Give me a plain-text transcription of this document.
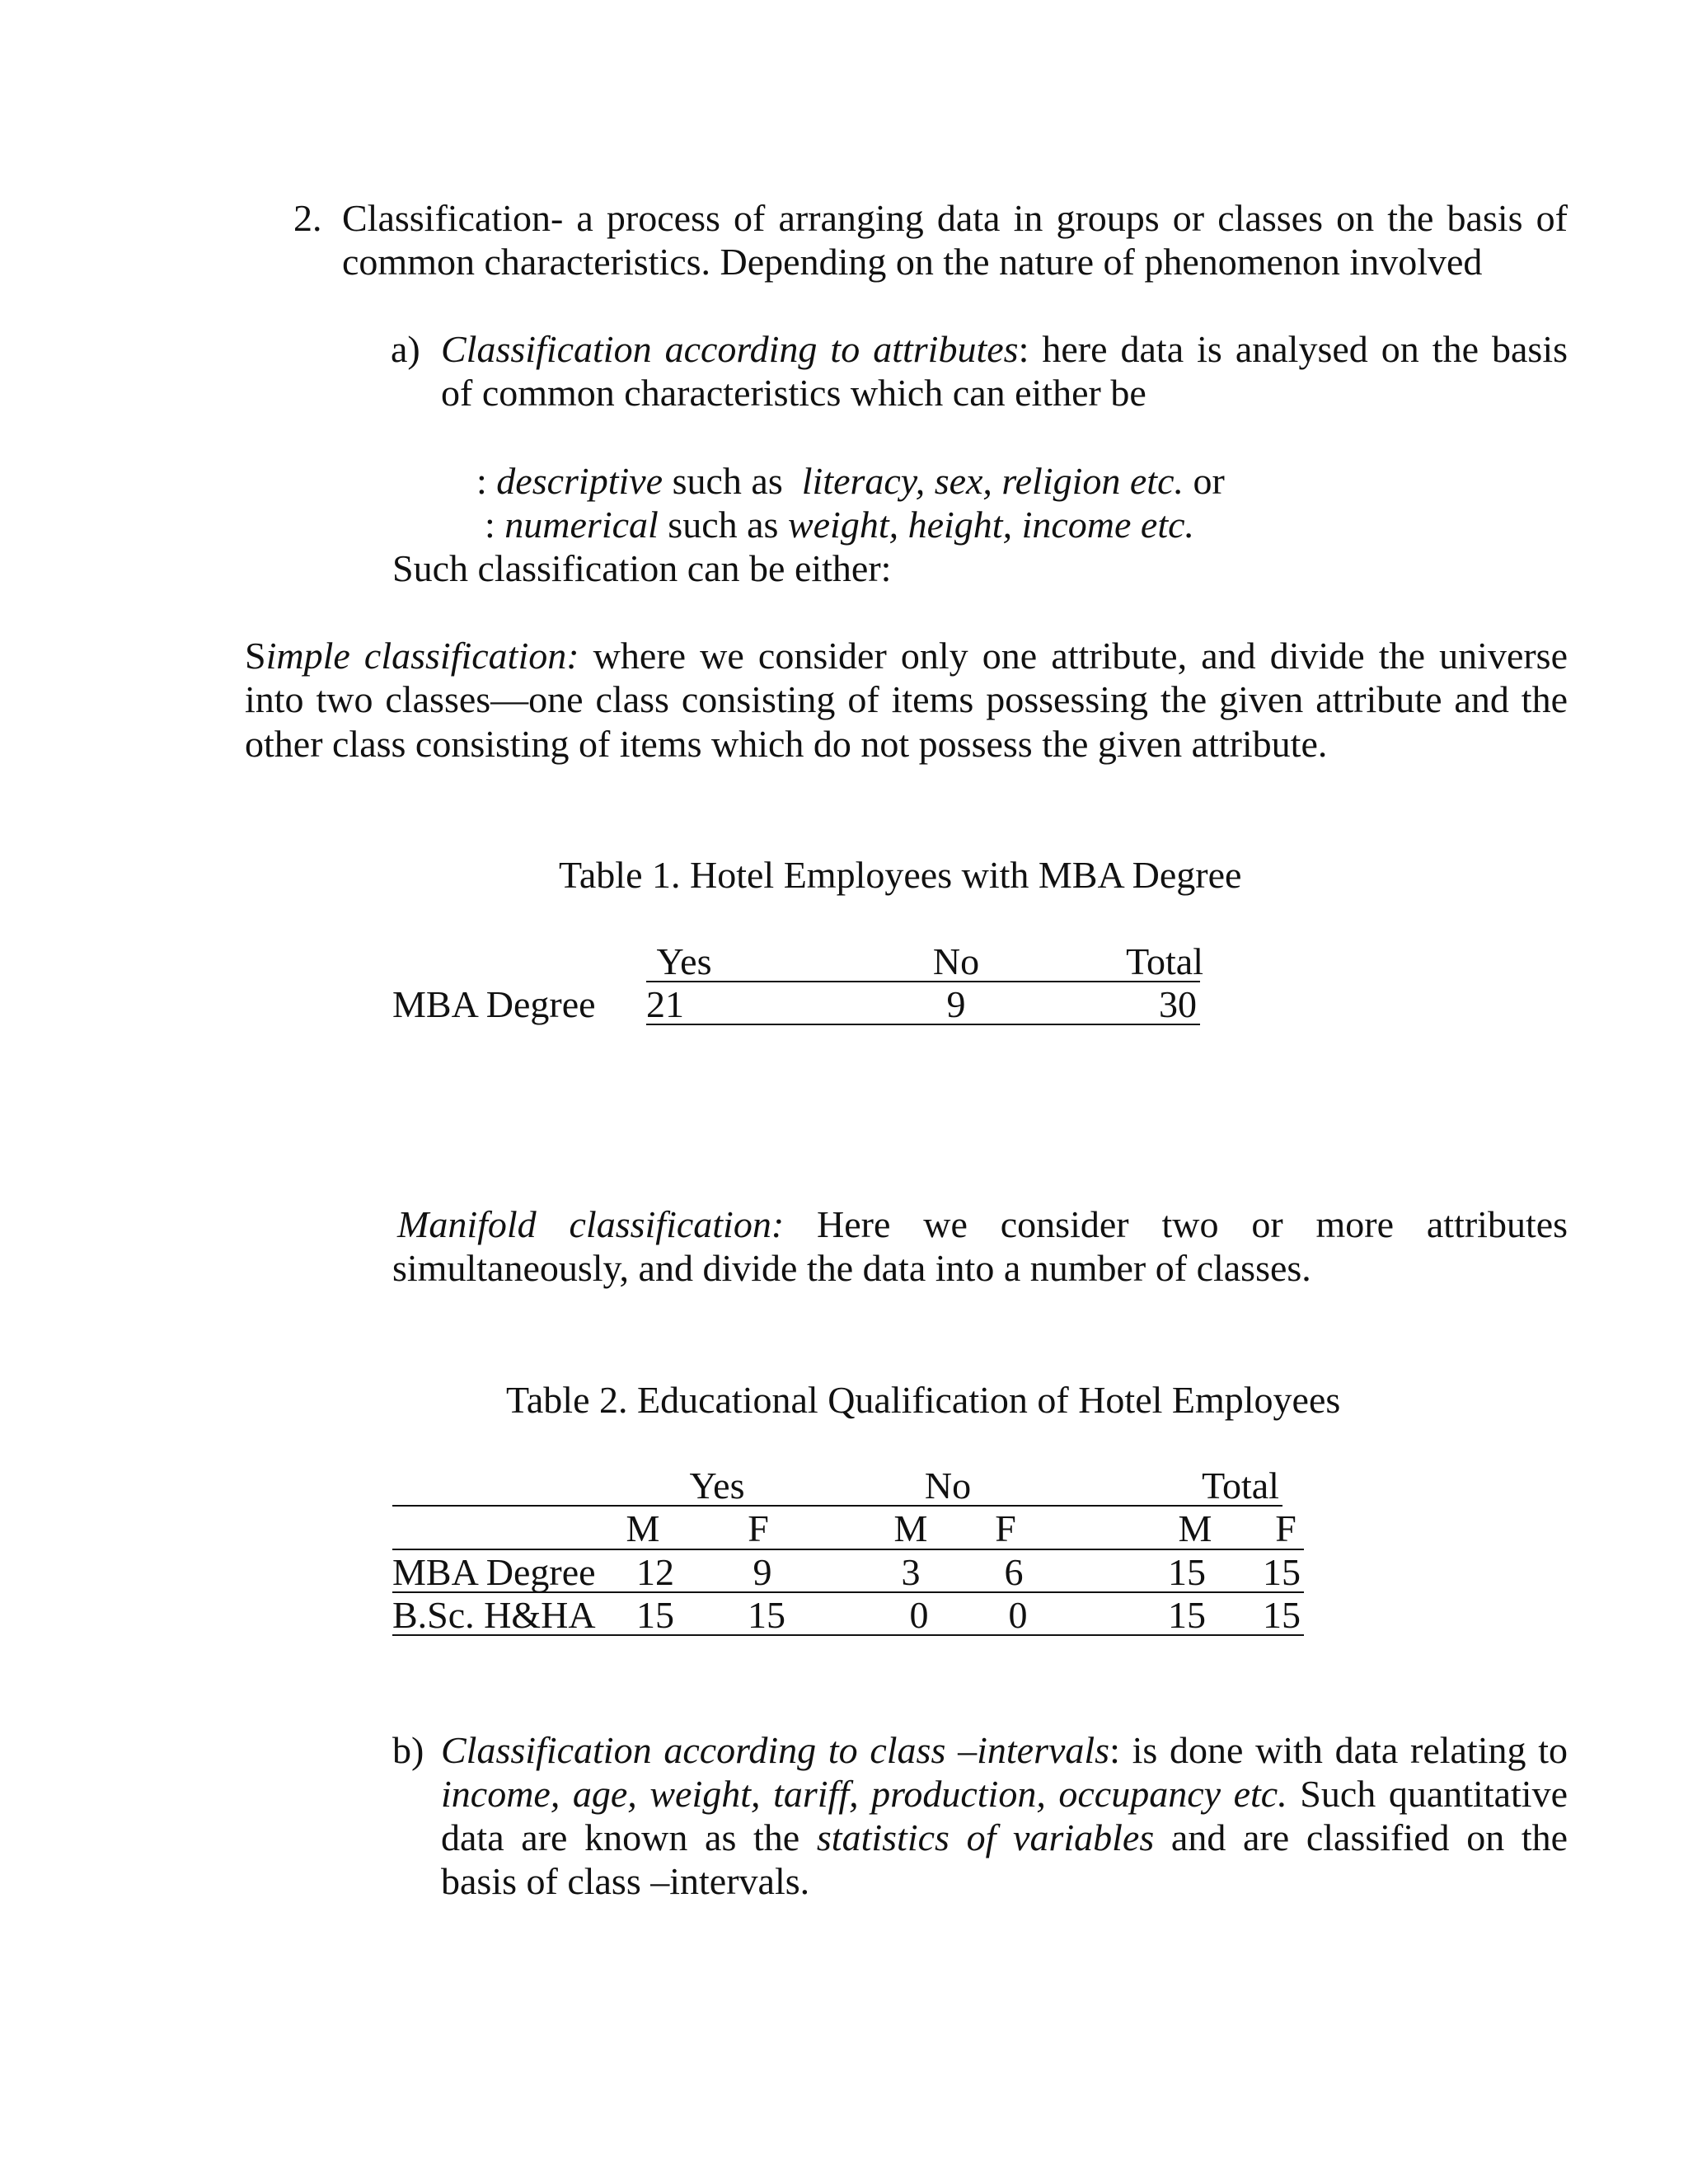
2. Classification- a process of arranging data in groups or classes on the basis of
common characteristics. Depending on the nature of phenomenon involved
a) Classification according to attributes: here data is analysed on the basis
of common characteristics which can either be
: descriptive such as  literacy, sex, religion etc. or
: numerical such as weight, height, income etc.
Such classification can be either:
Simple classification: where we consider only one attribute, and divide the universe
into two classes—one class consisting of items possessing the given attribute and the
other class consisting of items which do not possess the given attribute.
Table 1. Hotel Employees with MBA Degree
Yes	No	Total
MBA Degree 21	9	30
Manifold classification: Here we consider two or more attributes
simultaneously, and divide the data into a number of classes.
Table 2. Educational Qualification of Hotel Employees
Yes	No	Total
M	F	M	F	M	F
MBA Degree 12	9	3	6	15 15
B.Sc. H&HA 15 15	0	0	15 15
b) Classification according to class –intervals: is done with data relating to
income, age, weight, tariff, production, occupancy etc. Such quantitative
data are known as the statistics of variables and are classified on the
basis of class –intervals.
